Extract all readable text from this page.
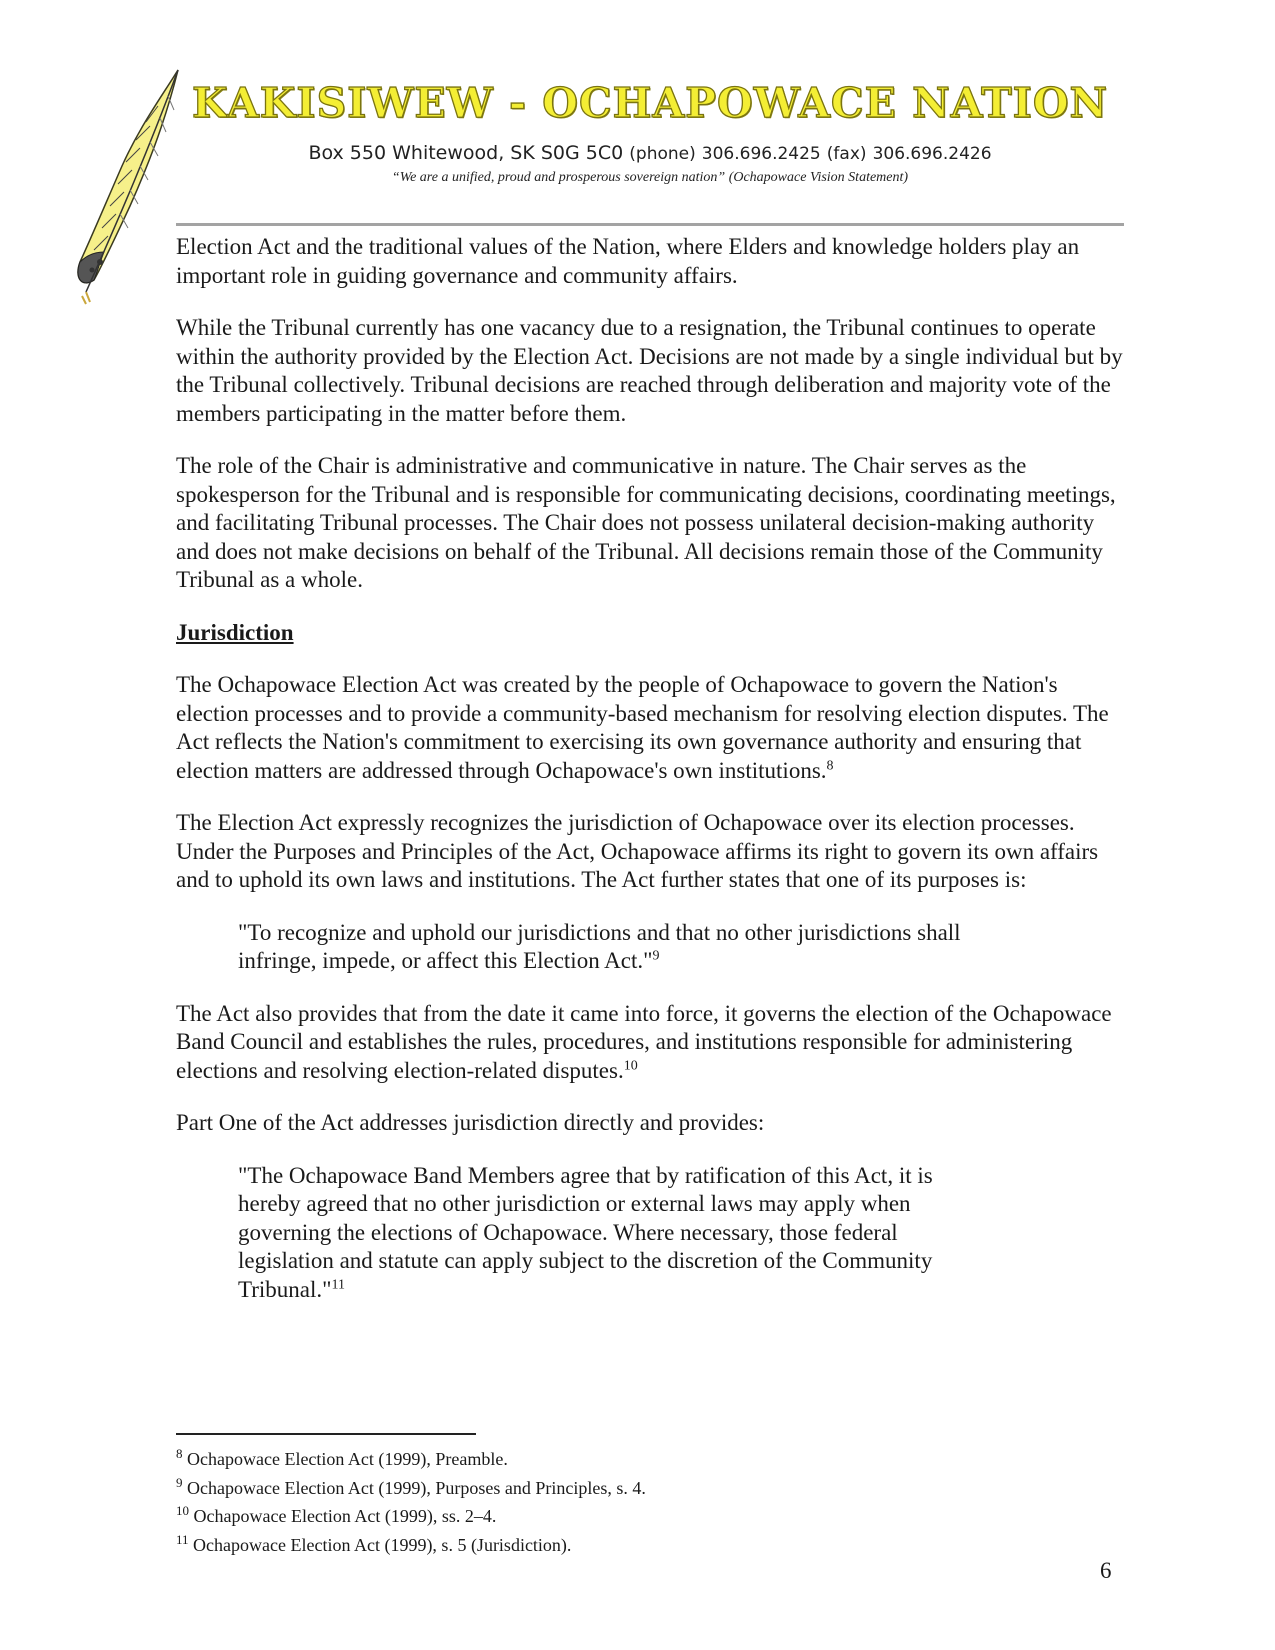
KAKISIWEW - OCHAPOWACE NATION
Box 550 Whitewood, SK S0G 5C0 (phone) 306.696.2425 (fax) 306.696.2426
“We are a unified, proud and prosperous sovereign nation” (Ochapowace Vision Statement)

Election Act and the traditional values of the Nation, where Elders and knowledge holders play an important role in guiding governance and community affairs.

While the Tribunal currently has one vacancy due to a resignation, the Tribunal continues to operate within the authority provided by the Election Act. Decisions are not made by a single individual but by the Tribunal collectively. Tribunal decisions are reached through deliberation and majority vote of the members participating in the matter before them.

The role of the Chair is administrative and communicative in nature. The Chair serves as the spokesperson for the Tribunal and is responsible for communicating decisions, coordinating meetings, and facilitating Tribunal processes. The Chair does not possess unilateral decision-making authority and does not make decisions on behalf of the Tribunal. All decisions remain those of the Community Tribunal as a whole.

Jurisdiction

The Ochapowace Election Act was created by the people of Ochapowace to govern the Nation's election processes and to provide a community-based mechanism for resolving election disputes. The Act reflects the Nation's commitment to exercising its own governance authority and ensuring that election matters are addressed through Ochapowace's own institutions.$^8$

The Election Act expressly recognizes the jurisdiction of Ochapowace over its election processes. Under the Purposes and Principles of the Act, Ochapowace affirms its right to govern its own affairs and to uphold its own laws and institutions. The Act further states that one of its purposes is:

"To recognize and uphold our jurisdictions and that no other jurisdictions shall infringe, impede, or affect this Election Act."$^9$

The Act also provides that from the date it came into force, it governs the election of the Ochapowace Band Council and establishes the rules, procedures, and institutions responsible for administering elections and resolving election-related disputes.$^{10}$

Part One of the Act addresses jurisdiction directly and provides:

"The Ochapowace Band Members agree that by ratification of this Act, it is hereby agreed that no other jurisdiction or external laws may apply when governing the elections of Ochapowace. Where necessary, those federal legislation and statute can apply subject to the discretion of the Community Tribunal."$^{11}$

$^8$ Ochapowace Election Act (1999), Preamble.
$^9$ Ochapowace Election Act (1999), Purposes and Principles, s. 4.
$^{10}$ Ochapowace Election Act (1999), ss. 2–4.
$^{11}$ Ochapowace Election Act (1999), s. 5 (Jurisdiction).
6
